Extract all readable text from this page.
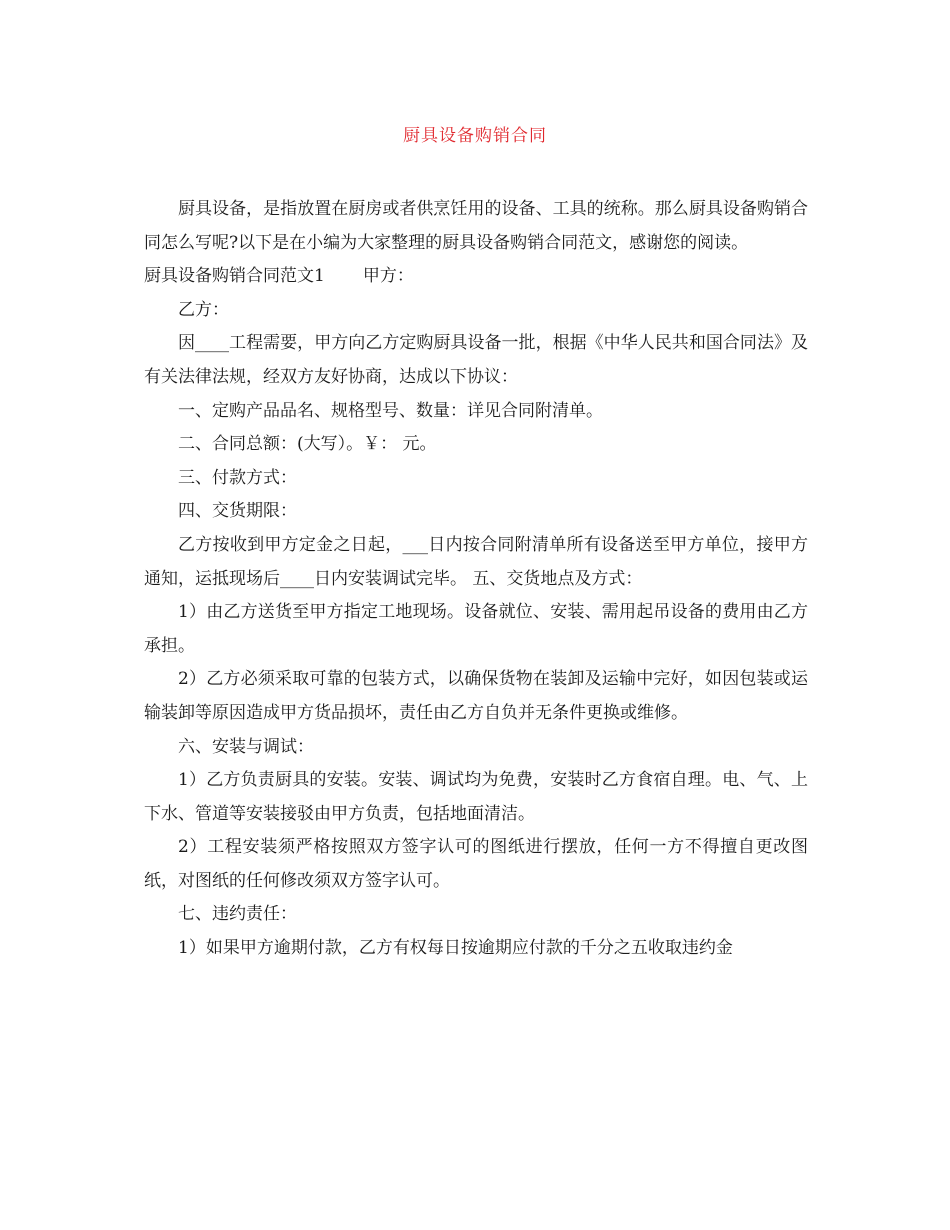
厨具设备购销合同

厨具设备，是指放置在厨房或者供烹饪用的设备、工具的统称。那么厨具设备购销合同怎么写呢?以下是在小编为大家整理的厨具设备购销合同范文，感谢您的阅读。

厨具设备购销合同范文1 甲方：

乙方：

因____工程需要，甲方向乙方定购厨具设备一批，根据《中华人民共和国合同法》及有关法律法规，经双方友好协商，达成以下协议：

一、定购产品品名、规格型号、数量：详见合同附清单。

二、合同总额：(大写）。￥： 元。

三、付款方式：

四、交货期限：

乙方按收到甲方定金之日起，___日内按合同附清单所有设备送至甲方单位，接甲方通知，运抵现场后____日内安装调试完毕。 五、交货地点及方式：

1）由乙方送货至甲方指定工地现场。设备就位、安装、需用起吊设备的费用由乙方承担。

2）乙方必须采取可靠的包装方式，以确保货物在装卸及运输中完好，如因包装或运输装卸等原因造成甲方货品损坏，责任由乙方自负并无条件更换或维修。

六、安装与调试：

1）乙方负责厨具的安装。安装、调试均为免费，安装时乙方食宿自理。电、气、上下水、管道等安装接驳由甲方负责，包括地面清洁。

2）工程安装须严格按照双方签字认可的图纸进行摆放，任何一方不得擅自更改图纸，对图纸的任何修改须双方签字认可。

七、违约责任：

1）如果甲方逾期付款，乙方有权每日按逾期应付款的千分之五收取违约金
